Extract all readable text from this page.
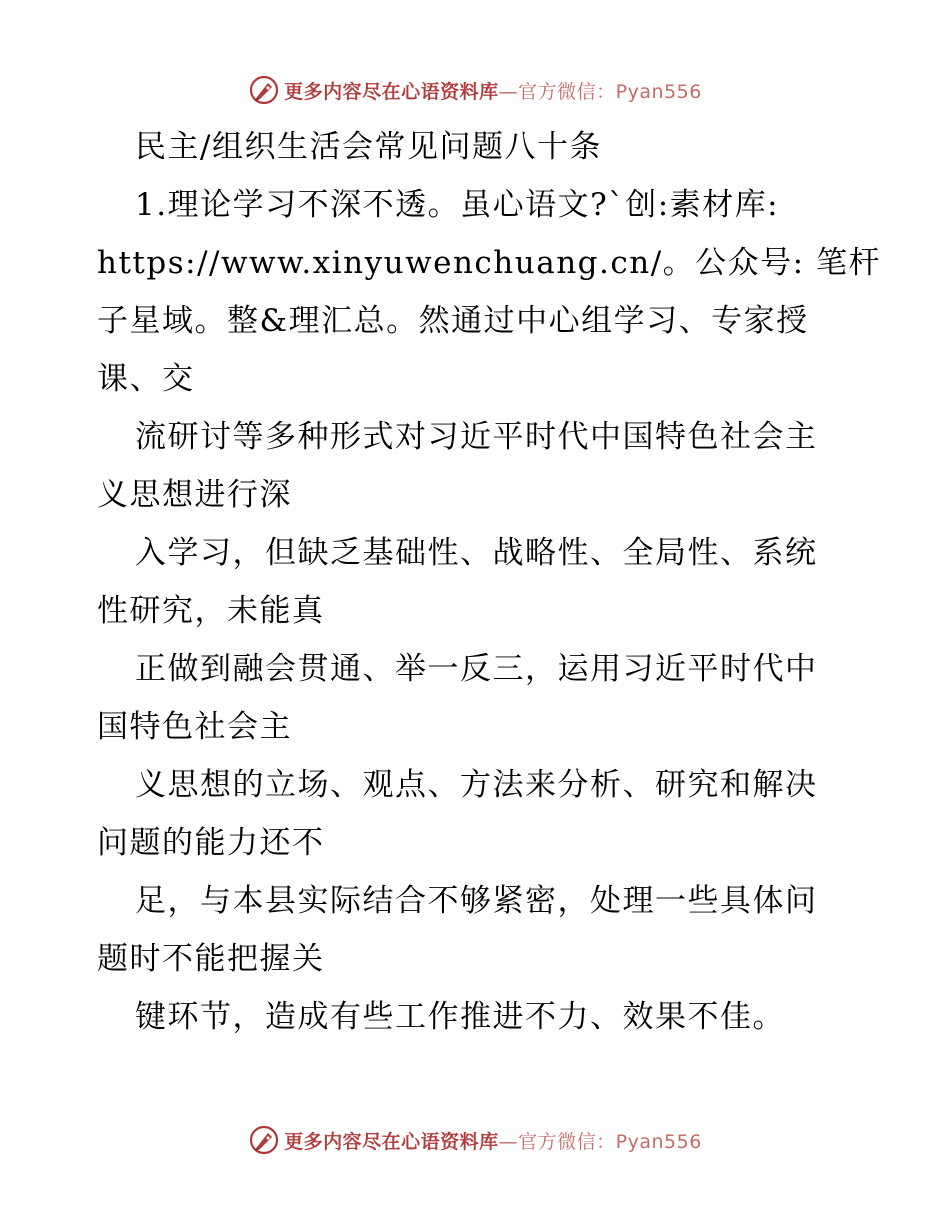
更多内容尽在心语资料库—官方微信：Pyan556
民主/组织生活会常见问题八十条
1.理论学习不深不透。虽心语文?`创:素材库:
https://www.xinyuwenchuang.cn/。公众号: 笔杆
子星域。整&理汇总。然通过中心组学习、专家授
课、交
流研讨等多种形式对习近平时代中国特色社会主
义思想进行深
入学习，但缺乏基础性、战略性、全局性、系统
性研究，未能真
正做到融会贯通、举一反三，运用习近平时代中
国特色社会主
义思想的立场、观点、方法来分析、研究和解决
问题的能力还不
足，与本县实际结合不够紧密，处理一些具体问
题时不能把握关
键环节，造成有些工作推进不力、效果不佳。
更多内容尽在心语资料库—官方微信：Pyan556
